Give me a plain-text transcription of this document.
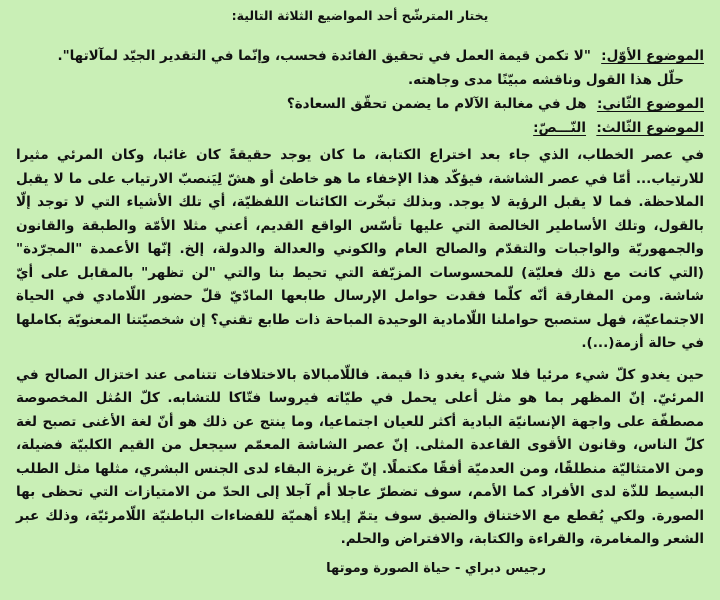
يختار المترشّح أحد المواضيع الثلاثة التالية:

الموضوع الأوّل: "لا تكمن قيمة العمل في تحقيق الفائدة فحسب، وإنّما في التقدير الجيّد لمآلاتها".

حلّل هذا القول وناقشه مبيّنًا مدى وجاهته.

الموضوع الثّاني: هل في مغالبة الآلام ما يضمن تحقّق السعادة؟

الموضوع الثّالث: النّـــصّ:

في عصر الخطاب، الذي جاء بعد اختراع الكتابة، ما كان يوجد حقيقةً كان غائبا، وكان المرئي مثيرا للارتياب... أمّا في عصر الشاشة، فيؤكّد هذا الإخفاء ما هو خاطئ أو هشّ لِيَنصبّ الارتياب على ما لا يقبل الملاحظة. فما لا يقبل الرؤية لا يوجد. وبذلك تبخّرت الكائنات اللفظيّة، أي تلك الأشياء التي لا توجد إلّا بالقول، وتلك الأساطير الخالصة التي عليها تأسّس الواقع القديم، أعني مثلا الأمّة والطبقة والقانون والجمهوريّة والواجبات والتقدّم والصالح العام والكوني والعدالة والدولة، إلخ. إنّها الأعمدة "المجرّدة" (التي كانت مع ذلك فعليّة) للمحسوسات المزيّفة التي تحيط بنا والتي "لن تظهر" بالمقابل على أيّ شاشة. ومن المفارقة أنّه كلّما فقدت حوامل الإرسال طابعها المادّيّ قلّ حضور اللّامادي في الحياة الاجتماعيّة، فهل ستصبح حواملنا اللّامادية الوحيدة المباحة ذات طابع تقني؟ إن شخصيّتنا المعنويّة بكاملها في حالة أزمة(...).

حين يغدو كلّ شيء مرئيا فلا شيء يغدو ذا قيمة. فاللّامبالاة بالاختلافات تتنامى عند اختزال الصالح في المرئيّ. إنّ المظهر بما هو مثل أعلى يحمل في طيّاته فيروسا فتّاكا للتشابه. كلّ المُثل المخصوصة مصطفّة على واجهة الإنسانيّة البادية أكثر للعيان اجتماعيا، وما ينتج عن ذلك هو أنّ لغة الأغنى تصبح لغة كلّ الناس، وقانون الأقوى القاعدة المثلى. إنّ عصر الشاشة المعمّم سيجعل من القيم الكلبيّة فضيلة، ومن الامتثاليّة منطلقًا، ومن العدميّة أفقًا مكتملًا. إنّ غريزة البقاء لدى الجنس البشري، مثلها مثل الطلب البسيط للذّة لدى الأفراد كما الأمم، سوف تضطرّ عاجلا أم آجلا إلى الحدّ من الامتيازات التي تحظى بها الصورة. ولكي يُقطع مع الاختناق والضيق سوف يتمّ إيلاء أهميّة للفضاءات الباطنيّة اللّامرئيّة، وذلك عبر الشعر والمغامرة، والقراءة والكتابة، والافتراض والحلم.

رجيس دبراي - حياة الصورة وموتها
